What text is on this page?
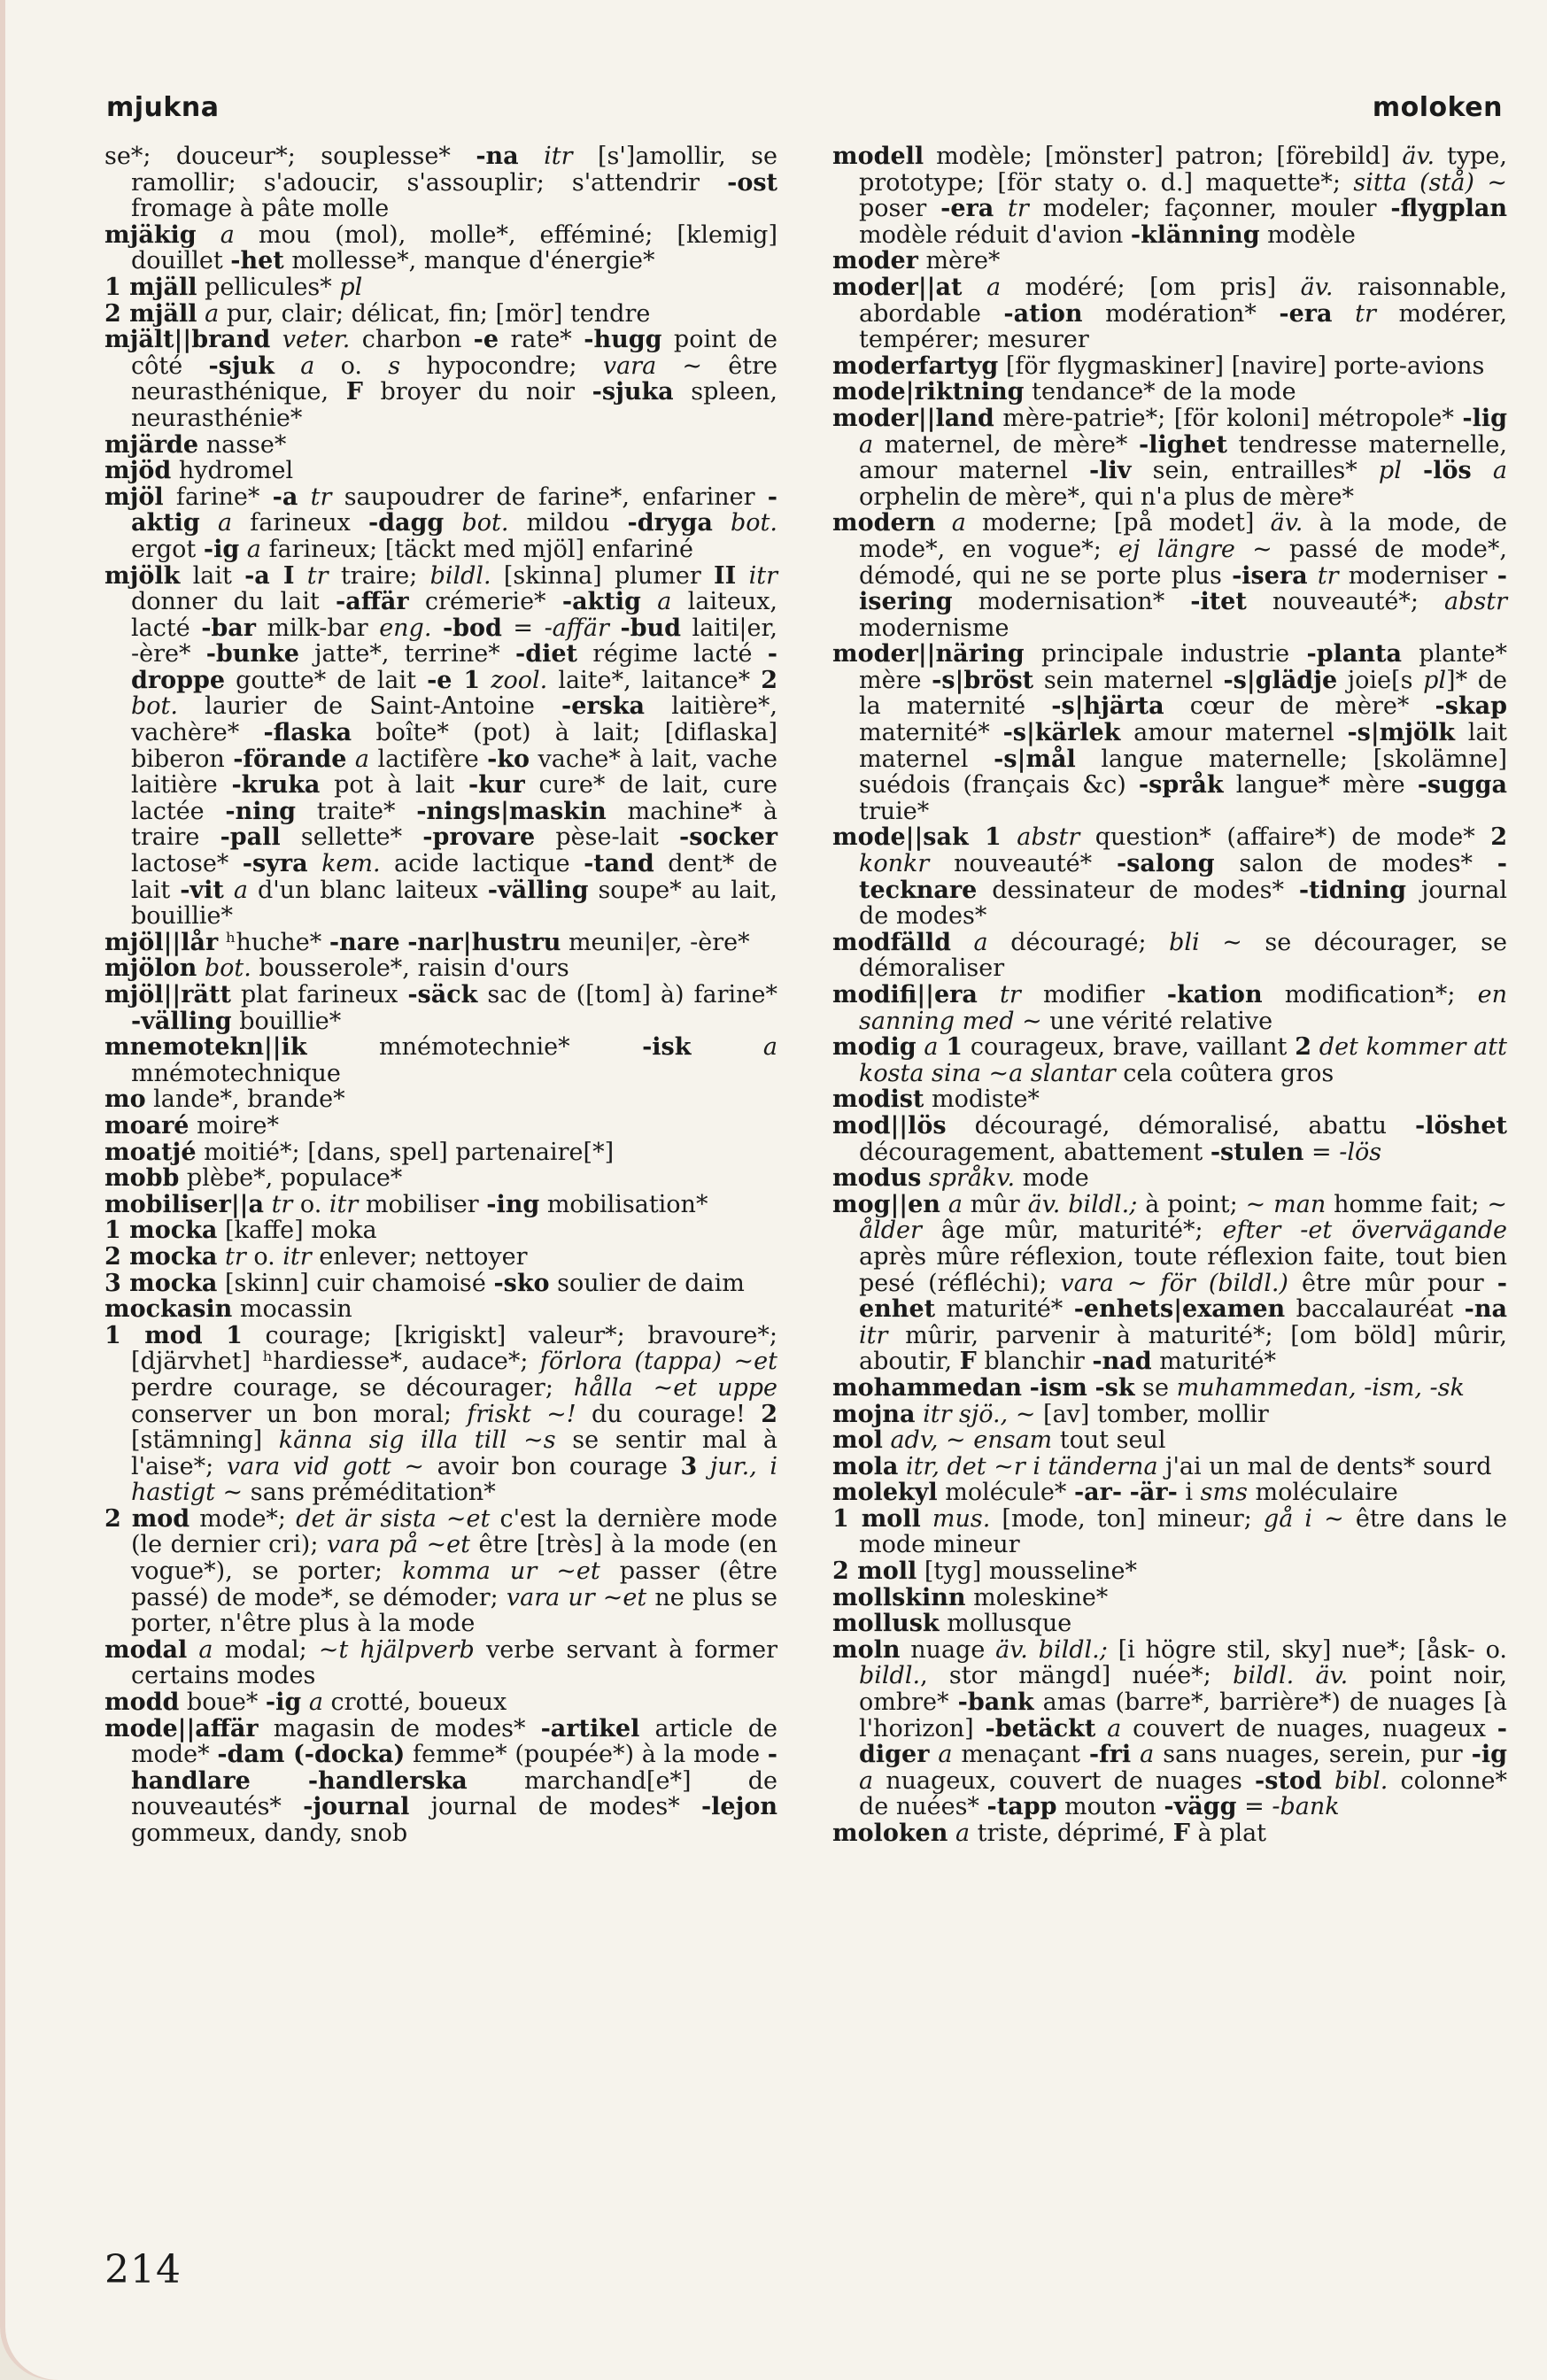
mjukna	moloken

se*; douceur*; souplesse* -na itr [s']amollir, se ramollir; s'adoucir, s'assouplir; s'attendrir -ost fromage à pâte molle

mjäkig a mou (mol), molle*, efféminé; [klemig] douillet -het mollesse*, manque d'énergie*

1 mjäll pellicules* pl

2 mjäll a pur, clair; délicat, fin; [mör] tendre

mjält||brand veter. charbon -e rate* -hugg point de côté -sjuk a o. s hypocondre; vara ~ être neurasthénique, F broyer du noir -sjuka spleen, neurasthénie*

mjärde nasse*

mjöd hydromel

mjöl farine* -a tr saupoudrer de farine*, enfariner -aktig a farineux -dagg bot. mildou -dryga bot. ergot -ig a farineux; [täckt med mjöl] enfariné

mjölk lait -a I tr traire; bildl. [skinna] plumer II itr donner du lait -affär crémerie* -aktig a laiteux, lacté -bar milk-bar eng. -bod = -affär -bud laiti|er, -ère* -bunke jatte*, terrine* -diet régime lacté -droppe goutte* de lait -e 1 zool. laite*, laitance* 2 bot. laurier de Saint-Antoine -erska laitière*, vachère* -flaska boîte* (pot) à lait; [diflaska] biberon -förande a lactifère -ko vache* à lait, vache laitière -kruka pot à lait -kur cure* de lait, cure lactée -ning traite* -nings|maskin machine* à traire -pall sellette* -provare pèse-lait -socker lactose* -syra kem. acide lactique -tand dent* de lait -vit a d'un blanc laiteux -välling soupe* au lait, bouillie*

mjöl||lår ʰhuche* -nare -nar|hustru meuni|er, -ère*

mjölon bot. bousserole*, raisin d'ours

mjöl||rätt plat farineux -säck sac de ([tom] à) farine* -välling bouillie*

mnemotekn||ik mnémotechnie* -isk	a mnémotechnique

mo lande*, brande*

moaré moire*

moatjé moitié*; [dans, spel] partenaire[*]

mobb plèbe*, populace*

mobiliser||a tr o. itr mobiliser -ing mobilisation*

1 mocka [kaffe] moka

2 mocka tr o. itr enlever; nettoyer

3 mocka [skinn] cuir chamoisé -sko soulier de daim

mockasin mocassin

1 mod 1 courage; [krigiskt] valeur*; bravoure*; [djärvhet] ʰhardiesse*, audace*; förlora (tappa) ~et perdre courage, se décourager; hålla ~et uppe conserver un bon moral; friskt ~! du courage! 2 [stämning] känna sig illa till ~s se sentir mal à l'aise*; vara vid gott ~ avoir bon courage 3 jur., i hastigt ~ sans préméditation*

2 mod mode*; det är sista ~et c'est la dernière mode (le dernier cri); vara på ~et être [très] à la mode (en vogue*), se porter; komma ur ~et passer (être passé) de mode*, se démoder; vara ur ~et ne plus se porter, n'être plus à la mode

modal a modal; ~t hjälpverb verbe servant à former certains modes

modd boue* -ig a crotté, boueux

mode||affär magasin de modes* -artikel article de mode* -dam (-docka) femme* (poupée*) à la mode -handlare -handlerska marchand[e*] de nouveautés* -journal journal de modes* -lejon gommeux, dandy, snob

modell modèle; [mönster] patron; [förebild] äv. type, prototype; [för staty o. d.] maquette*; sitta (stå) ~ poser -era tr modeler; façonner, mouler -flygplan modèle réduit d'avion -klänning modèle

moder mère*

moder||at a modéré; [om pris] äv. raisonnable, abordable -ation modération* -era tr modérer, tempérer; mesurer

moderfartyg [för flygmaskiner] [navire] porte-avions

mode|riktning tendance* de la mode

moder||land mère-patrie*; [för koloni] métropole* -lig a maternel, de mère* -lighet tendresse maternelle, amour maternel -liv sein, entrailles* pl -lös a orphelin de mère*, qui n'a plus de mère*

modern a moderne; [på modet] äv. à la mode, de mode*, en vogue*; ej längre ~ passé de mode*, démodé, qui ne se porte plus -isera tr moderniser -isering modernisation* -itet nouveauté*; abstr modernisme

moder||näring principale industrie -planta plante* mère -s|bröst sein maternel -s|glädje joie[s pl]* de la maternité -s|hjärta cœur de mère* -skap maternité* -s|kärlek amour maternel -s|mjölk lait maternel -s|mål langue maternelle; [skolämne] suédois (français &c) -språk langue* mère -sugga truie*

mode||sak 1 abstr question* (affaire*) de mode* 2 konkr nouveauté* -salong salon de modes* -tecknare dessinateur de modes* -tidning journal de modes*

modfälld a découragé; bli ~ se décourager, se démoraliser

modifi||era tr modifier -kation modification*; en sanning med ~ une vérité relative

modig a 1 courageux, brave, vaillant 2 det kommer att kosta sina ~a slantar cela coûtera gros

modist modiste*

mod||lös découragé, démoralisé, abattu -löshet découragement, abattement -stulen = -lös

modus språkv. mode

mog||en a mûr äv. bildl.; à point; ~ man homme fait; ~ ålder âge mûr, maturité*; efter -et övervägande après mûre réflexion, toute réflexion faite, tout bien pesé (réfléchi); vara ~ för (bildl.) être mûr pour -enhet maturité* -enhets|examen baccalauréat -na itr mûrir, parvenir à maturité*; [om böld] mûrir, aboutir, F blanchir -nad maturité*

mohammedan -ism -sk se muhammedan, -ism, -sk

mojna itr sjö., ~ [av] tomber, mollir

mol adv, ~ ensam tout seul

mola itr, det ~r i tänderna j'ai un mal de dents* sourd

molekyl molécule* -ar- -är- i sms moléculaire

1 moll mus. [mode, ton] mineur; gå i ~ être dans le mode mineur

2 moll [tyg] mousseline*

mollskinn moleskine*

mollusk mollusque

moln nuage äv. bildl.; [i högre stil, sky] nue*; [åsk- o. bildl., stor mängd] nuée*; bildl. äv. point noir, ombre* -bank amas (barre*, barrière*) de nuages [à l'horizon] -betäckt a couvert de nuages, nuageux -diger a menaçant -fri a sans nuages, serein, pur -ig a nuageux, couvert de nuages -stod bibl. colonne* de nuées* -tapp mouton -vägg = -bank

moloken a triste, déprimé, F à plat

214
